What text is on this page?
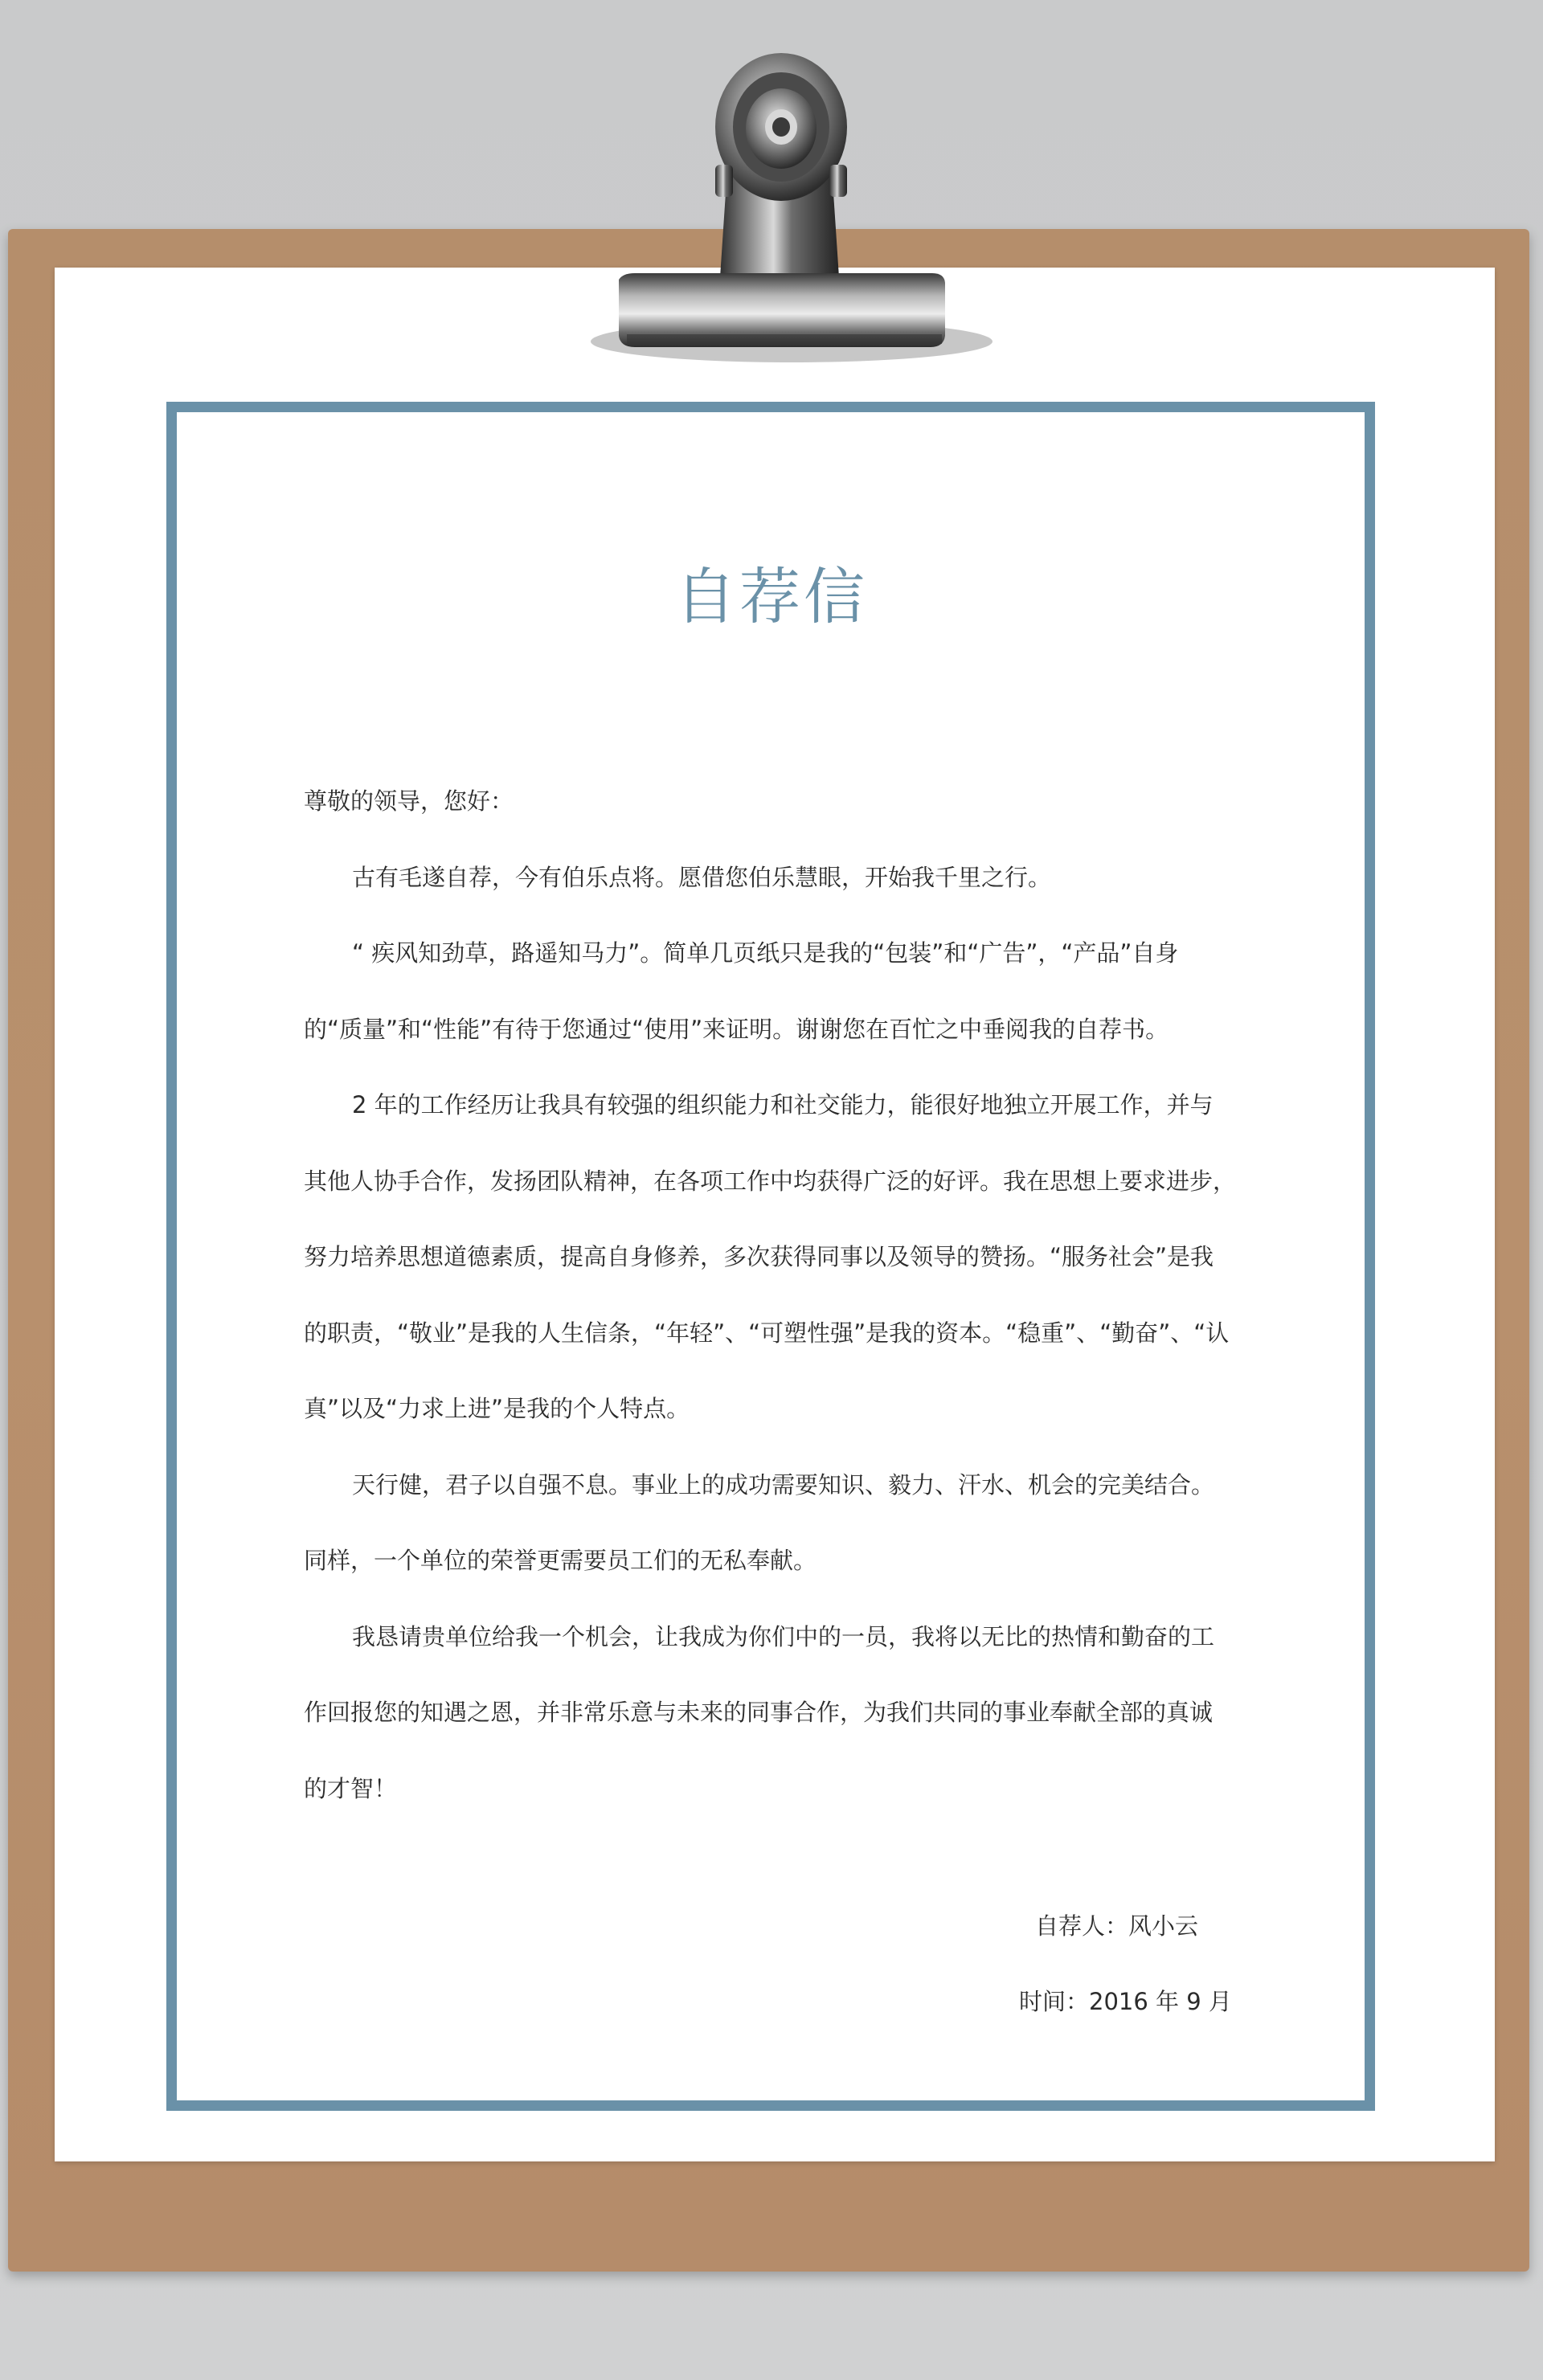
自荐信

尊敬的领导，您好：

古有毛遂自荐，今有伯乐点将。愿借您伯乐慧眼，开始我千里之行。

“ 疾风知劲草，路遥知马力”。简单几页纸只是我的“包装”和“广告”，“产品”自身

的“质量”和“性能”有待于您通过“使用”来证明。谢谢您在百忙之中垂阅我的自荐书。

2 年的工作经历让我具有较强的组织能力和社交能力，能很好地独立开展工作，并与

其他人协手合作，发扬团队精神，在各项工作中均获得广泛的好评。我在思想上要求进步，

努力培养思想道德素质，提高自身修养，多次获得同事以及领导的赞扬。“服务社会”是我

的职责，“敬业”是我的人生信条，“年轻”、“可塑性强”是我的资本。“稳重”、“勤奋”、“认

真”以及“力求上进”是我的个人特点。

天行健，君子以自强不息。事业上的成功需要知识、毅力、汗水、机会的完美结合。

同样，一个单位的荣誉更需要员工们的无私奉献。

我恳请贵单位给我一个机会，让我成为你们中的一员，我将以无比的热情和勤奋的工

作回报您的知遇之恩，并非常乐意与未来的同事合作，为我们共同的事业奉献全部的真诚

的才智！

自荐人：风小云
时间：2016 年 9 月
